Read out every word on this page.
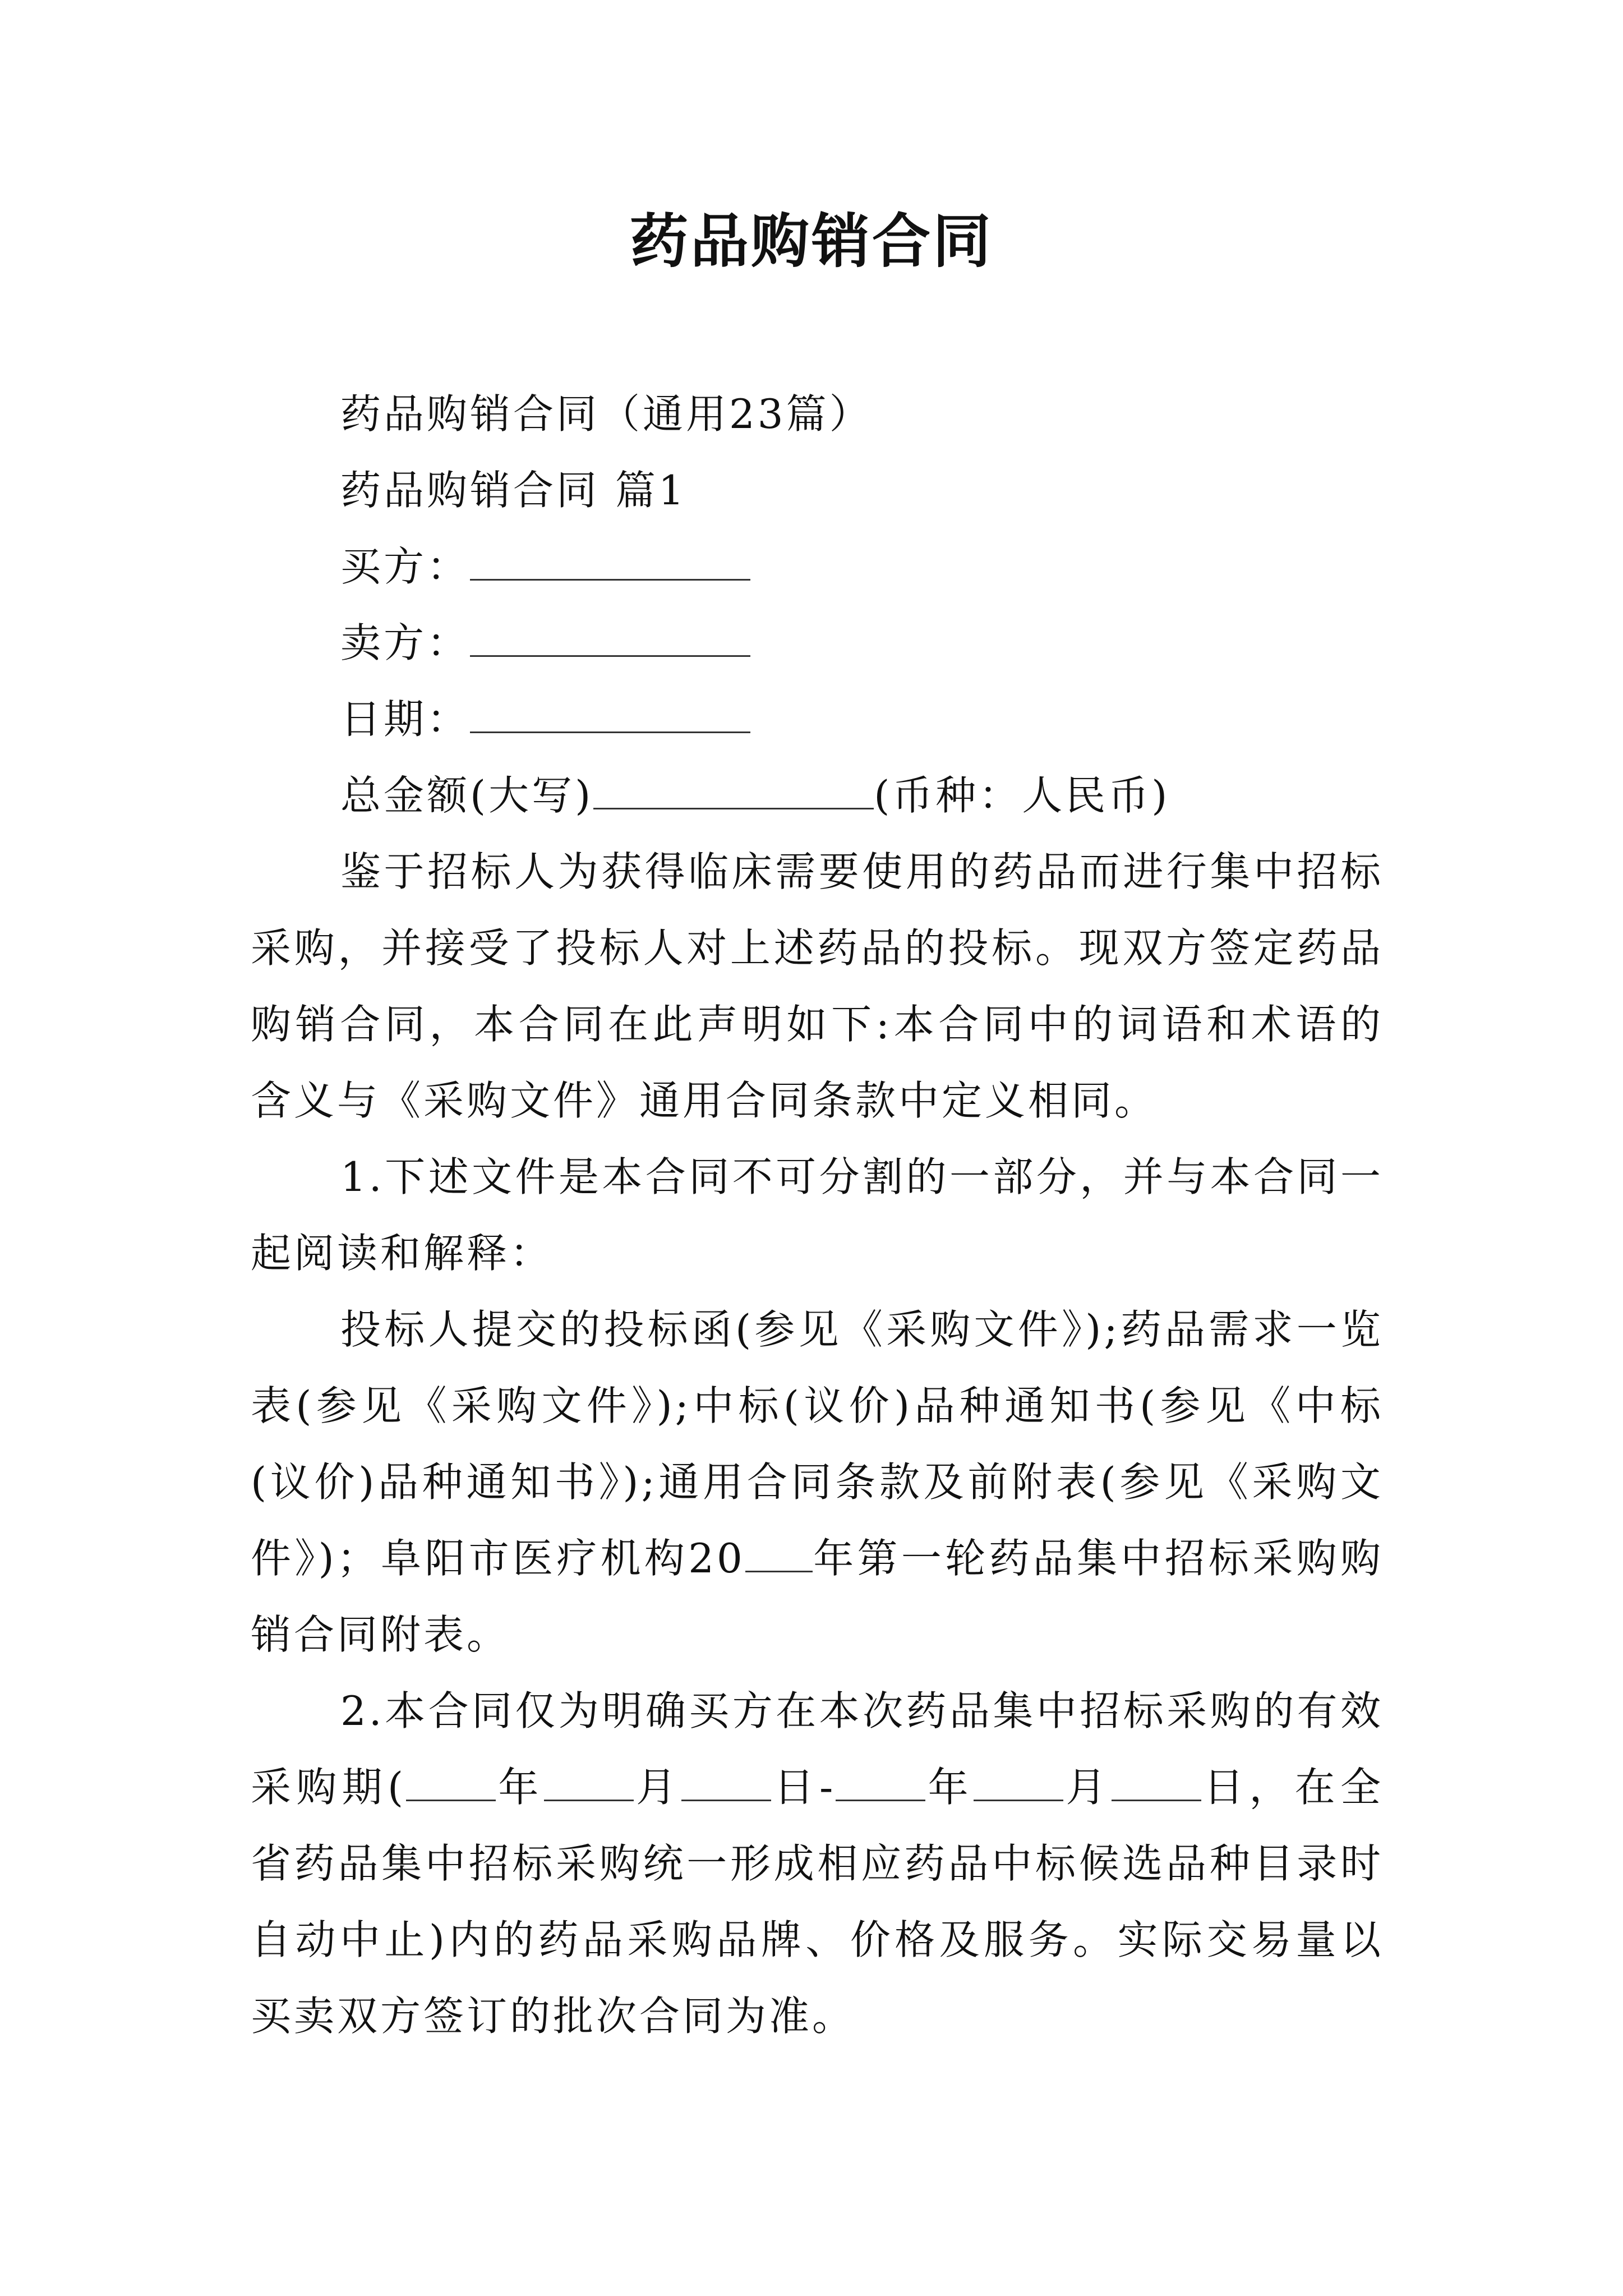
药品购销合同

药品购销合同（通用23篇）

药品购销合同 篇1

买方：

卖方：

日期：

总金额(大写)	(币种：人民币)

鉴于招标人为获得临床需要使用的药品而进行集中招标采购，并接受了投标人对上述药品的投标。现双方签定药品购销合同，本合同在此声明如下:本合同中的词语和术语的含义与《采购文件》通用合同条款中定义相同。

1.下述文件是本合同不可分割的一部分，并与本合同一起阅读和解释：

投标人提交的投标函(参见《采购文件》);药品需求一览表(参见《采购文件》);中标(议价)品种通知书(参见《中标(议价)品种通知书》);通用合同条款及前附表(参见《采购文件》)；阜阳市医疗机构20 年第一轮药品集中招标采购购销合同附表。

2.本合同仅为明确买方在本次药品集中招标采购的有效采购期( 年 月 日- 年 月 日，在全省药品集中招标采购统一形成相应药品中标候选品种目录时自动中止)内的药品采购品牌、价格及服务。实际交易量以买卖双方签订的批次合同为准。
